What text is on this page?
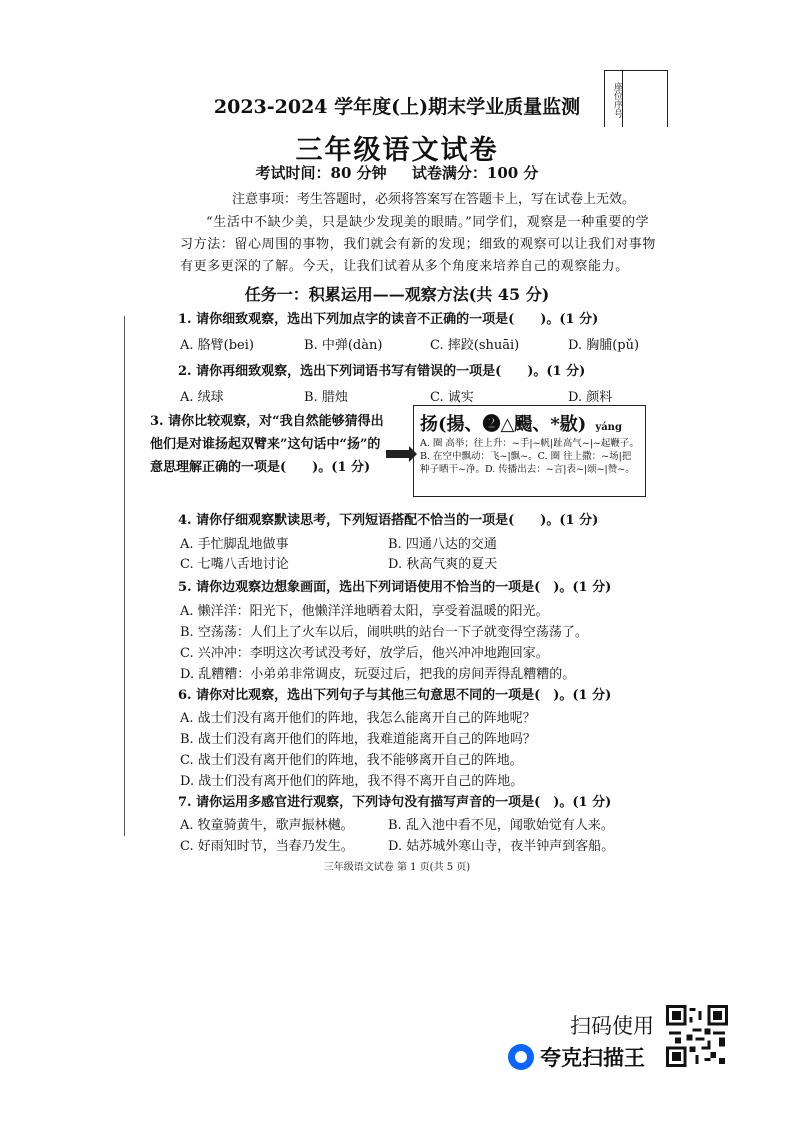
座位序号
2023-2024 学年度(上)期末学业质量监测
三年级语文试卷
考试时间：80 分钟 试卷满分：100 分
注意事项：考生答题时，必须将答案写在答题卡上，写在试卷上无效。
“生活中不缺少美，只是缺少发现美的眼睛。”同学们，观察是一种重要的学习方法：留心周围的事物，我们就会有新的发现；细致的观察可以让我们对事物有更多更深的了解。今天，让我们试着从多个角度来培养自己的观察能力。
任务一：积累运用——观察方法(共 45 分)
1. 请你细致观察，选出下列加点字的读音不正确的一项是(　　)。(1 分)
A. 胳臂(bei)	B. 中弹(dàn)	C. 摔跤(shuāi)	D. 胸脯(pǔ)
2. 请你再细致观察，选出下列词语书写有错误的一项是(　　)。(1 分)
A. 绒球	B. 腊烛	C. 诚实	D. 颜料
3. 请你比较观察，对“我自然能够猜得出他们是对谁扬起双臂来”这句话中“扬”的意思理解正确的一项是(　　)。(1 分)
扬(揚、❷△颺、*敭) yáng
A. 圈 高举；往上升：~手|~帆|趾高气~|~起鞭子。B. 在空中飘动：飞~|飘~。C. 圈 往上撒：~场|把种子晒干~净。D. 传播出去：~言|表~|颂~|赞~。
4. 请你仔细观察默读思考，下列短语搭配不恰当的一项是(　　)。(1 分)
A. 手忙脚乱地做事	B. 四通八达的交通
C. 七嘴八舌地讨论	D. 秋高气爽的夏天
5. 请你边观察边想象画面，选出下列词语使用不恰当的一项是(　)。(1 分)
A. 懒洋洋：阳光下，他懒洋洋地晒着太阳，享受着温暖的阳光。
B. 空荡荡：人们上了火车以后，闹哄哄的站台一下子就变得空荡荡了。
C. 兴冲冲：李明这次考试没考好，放学后，他兴冲冲地跑回家。
D. 乱糟糟：小弟弟非常调皮，玩耍过后，把我的房间弄得乱糟糟的。
6. 请你对比观察，选出下列句子与其他三句意思不同的一项是(　)。(1 分)
A. 战士们没有离开他们的阵地，我怎么能离开自己的阵地呢？
B. 战士们没有离开他们的阵地，我难道能离开自己的阵地吗？
C. 战士们没有离开他们的阵地，我不能够离开自己的阵地。
D. 战士们没有离开他们的阵地，我不得不离开自己的阵地。
7. 请你运用多感官进行观察，下列诗句没有描写声音的一项是(　)。(1 分)
A. 牧童骑黄牛，歌声振林樾。	B. 乱入池中看不见，闻歌始觉有人来。
C. 好雨知时节，当春乃发生。	D. 姑苏城外寒山寺，夜半钟声到客船。
三年级语文试卷 第 1 页(共 5 页)
扫码使用
夸克扫描王
